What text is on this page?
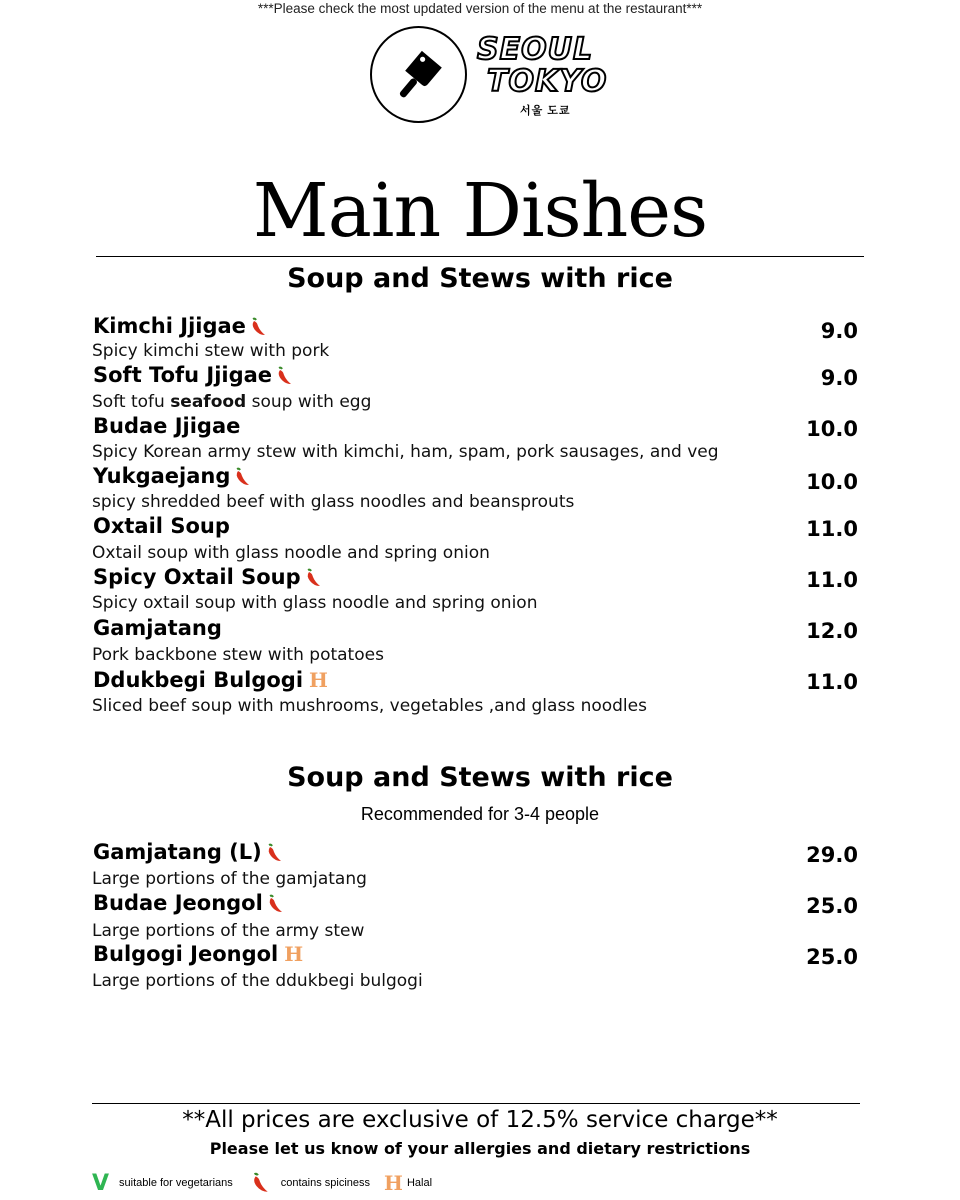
***Please check the most updated version of the menu at the restaurant***
SEOUL
TOKYO
서울 도쿄
Main Dishes
Soup and Stews with rice
Kimchi Jjigae	9.0
Spicy kimchi stew with pork
Soft Tofu Jjigae	9.0
Soft tofu seafood soup with egg
Budae Jjigae	10.0
Spicy Korean army stew with kimchi, ham, spam, pork sausages, and veg
Yukgaejang	10.0
spicy shredded beef with glass noodles and beansprouts
Oxtail Soup	11.0
Oxtail soup with glass noodle and spring onion
Spicy Oxtail Soup	11.0
Spicy oxtail soup with glass noodle and spring onion
Gamjatang	12.0
Pork backbone stew with potatoes
Ddukbegi Bulgogi H	11.0
Sliced beef soup with mushrooms, vegetables ,and glass noodles
Soup and Stews with rice
Recommended for 3-4 people
Gamjatang (L)	29.0
Large portions of the gamjatang
Budae Jeongol	25.0
Large portions of the army stew
Bulgogi Jeongol H	25.0
Large portions of the ddukbegi bulgogi
**All prices are exclusive of 12.5% service charge**
Please let us know of your allergies and dietary restrictions
V suitable for vegetarians	contains spiciness H Halal
